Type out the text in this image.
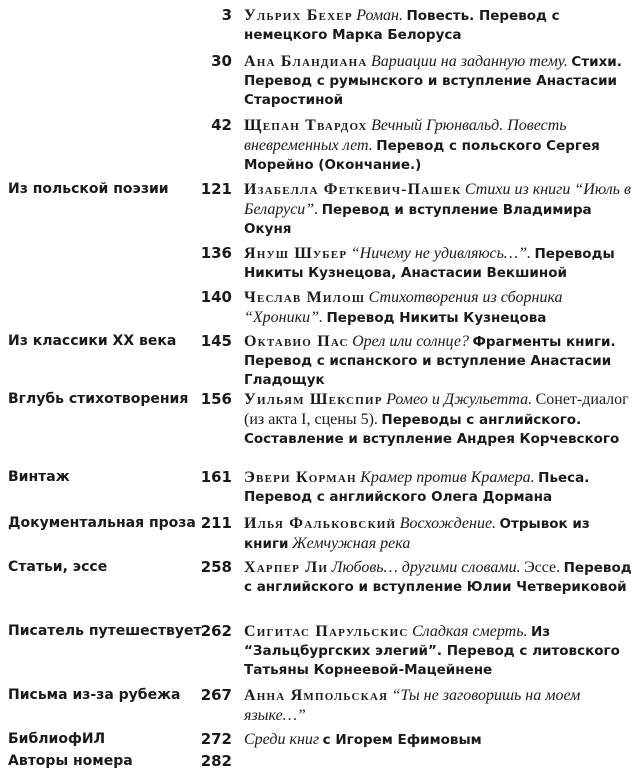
3 Ульрих Бехер Роман. Повесть. Перевод с немецкого Марка Белоруса
30 Ана Бландиана Вариации на заданную тему. Стихи. Перевод с румынского и вступление Анастасии Старостиной
42 Щепан Твардох Вечный Грюнвальд. Повесть вневременных лет. Перевод с польского Сергея Морейно (Окончание.)
Из польской поэзии	121 Изабелла Феткевич-Пашек Стихи из книги “Июль в Беларуси”. Перевод и вступление Владимира Окуня
136 Януш Шубер “Ничему не удивляюсь…”. Переводы Никиты Кузнецова, Анастасии Векшиной
140 Чеслав Милош Стихотворения из сборника “Хроники”. Перевод Никиты Кузнецова
Из классики XX века	145 Октавио Пас Орел или солнце? Фрагменты книги. Перевод с испанского и вступление Анастасии Гладощук
Вглубь стихотворения 156 Уильям Шекспир Ромео и Джульетта. Сонет-диалог (из акта I, сцены 5). Переводы с английского. Составление и вступление Андрея Корчевского
Винтаж	161 Эвери Корман Крамер против Крамера. Пьеса. Перевод с английского Олега Дормана
Документальная проза 211 Илья Фальковский Восхождение. Отрывок из книги Жемчужная река
Статьи, эссе	258 Харпер Ли Любовь… другими словами. Эссе. Перевод с английского и вступление Юлии Четвериковой
Писатель путешествует 262 Сигитас Парульскис Сладкая смерть. Из “Зальцбургских элегий”. Перевод с литовского Татьяны Корнеевой-Мацейнене
Письма из-за рубежа	267 Анна Ямпольская “Ты не заговоришь на моем языке…”
БиблиофИЛ	272 Среди книг с Игорем Ефимовым
Авторы номера	282
